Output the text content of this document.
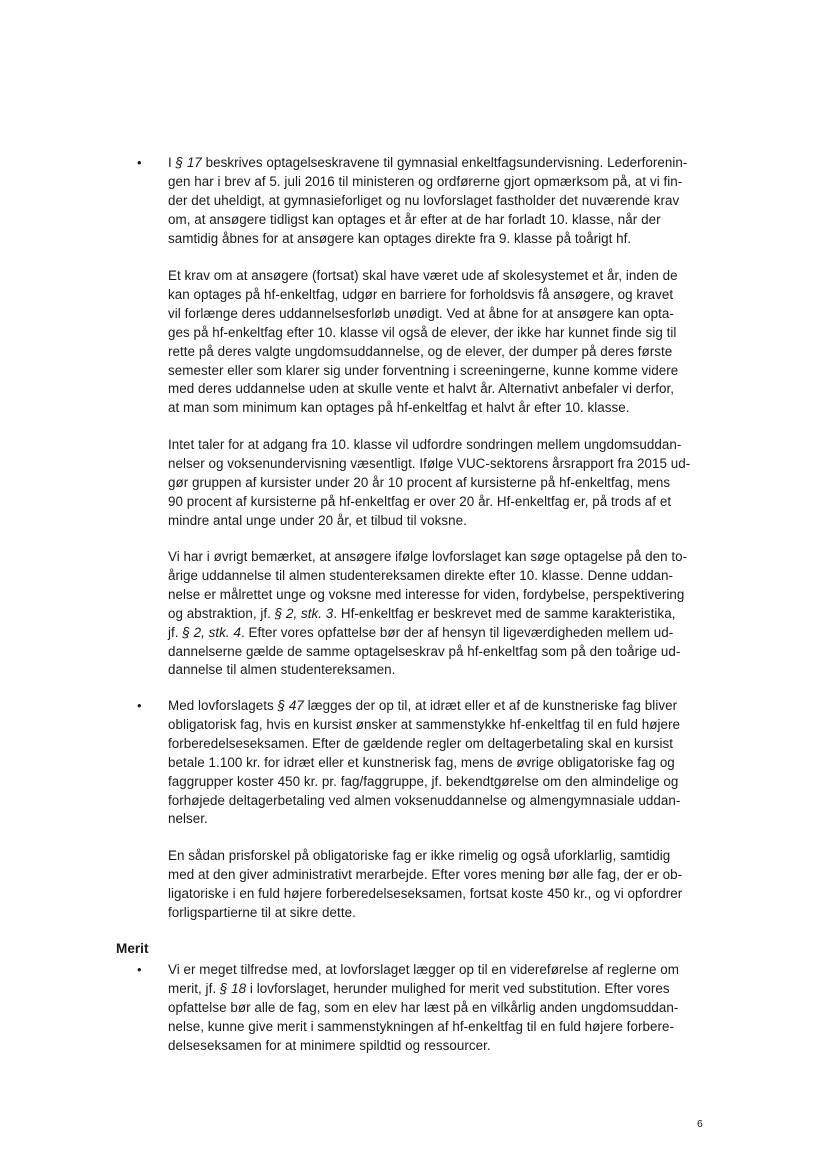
•	I § 17 beskrives optagelseskravene til gymnasial enkeltfagsundervisning. Lederforenin-
gen har i brev af 5. juli 2016 til ministeren og ordførerne gjort opmærksom på, at vi fin-
der det uheldigt, at gymnasieforliget og nu lovforslaget fastholder det nuværende krav
om, at ansøgere tidligst kan optages et år efter at de har forladt 10. klasse, når der
samtidig åbnes for at ansøgere kan optages direkte fra 9. klasse på toårigt hf.
Et krav om at ansøgere (fortsat) skal have været ude af skolesystemet et år, inden de
kan optages på hf-enkeltfag, udgør en barriere for forholdsvis få ansøgere, og kravet
vil forlænge deres uddannelsesforløb unødigt. Ved at åbne for at ansøgere kan opta-
ges på hf-enkeltfag efter 10. klasse vil også de elever, der ikke har kunnet finde sig til
rette på deres valgte ungdomsuddannelse, og de elever, der dumper på deres første
semester eller som klarer sig under forventning i screeningerne, kunne komme videre
med deres uddannelse uden at skulle vente et halvt år. Alternativt anbefaler vi derfor,
at man som minimum kan optages på hf-enkeltfag et halvt år efter 10. klasse.
Intet taler for at adgang fra 10. klasse vil udfordre sondringen mellem ungdomsuddan-
nelser og voksenundervisning væsentligt. Ifølge VUC-sektorens årsrapport fra 2015 ud-
gør gruppen af kursister under 20 år 10 procent af kursisterne på hf-enkeltfag, mens
90 procent af kursisterne på hf-enkeltfag er over 20 år. Hf-enkeltfag er, på trods af et
mindre antal unge under 20 år, et tilbud til voksne.
Vi har i øvrigt bemærket, at ansøgere ifølge lovforslaget kan søge optagelse på den to-
årige uddannelse til almen studentereksamen direkte efter 10. klasse. Denne uddan-
nelse er målrettet unge og voksne med interesse for viden, fordybelse, perspektivering
og abstraktion, jf. § 2, stk. 3. Hf-enkeltfag er beskrevet med de samme karakteristika,
jf. § 2, stk. 4. Efter vores opfattelse bør der af hensyn til ligeværdigheden mellem ud-
dannelserne gælde de samme optagelseskrav på hf-enkeltfag som på den toårige ud-
dannelse til almen studentereksamen.
•	Med lovforslagets § 47 lægges der op til, at idræt eller et af de kunstneriske fag bliver
obligatorisk fag, hvis en kursist ønsker at sammenstykke hf-enkeltfag til en fuld højere
forberedelseseksamen. Efter de gældende regler om deltagerbetaling skal en kursist
betale 1.100 kr. for idræt eller et kunstnerisk fag, mens de øvrige obligatoriske fag og
faggrupper koster 450 kr. pr. fag/faggruppe, jf. bekendtgørelse om den almindelige og
forhøjede deltagerbetaling ved almen voksenuddannelse og almengymnasiale uddan-
nelser.
En sådan prisforskel på obligatoriske fag er ikke rimelig og også uforklarlig, samtidig
med at den giver administrativt merarbejde. Efter vores mening bør alle fag, der er ob-
ligatoriske i en fuld højere forberedelseseksamen, fortsat koste 450 kr., og vi opfordrer
forligspartierne til at sikre dette.
Merit
•	Vi er meget tilfredse med, at lovforslaget lægger op til en videreførelse af reglerne om
merit, jf. § 18 i lovforslaget, herunder mulighed for merit ved substitution. Efter vores
opfattelse bør alle de fag, som en elev har læst på en vilkårlig anden ungdomsuddan-
nelse, kunne give merit i sammenstykningen af hf-enkeltfag til en fuld højere forbere-
delseseksamen for at minimere spildtid og ressourcer.
6
